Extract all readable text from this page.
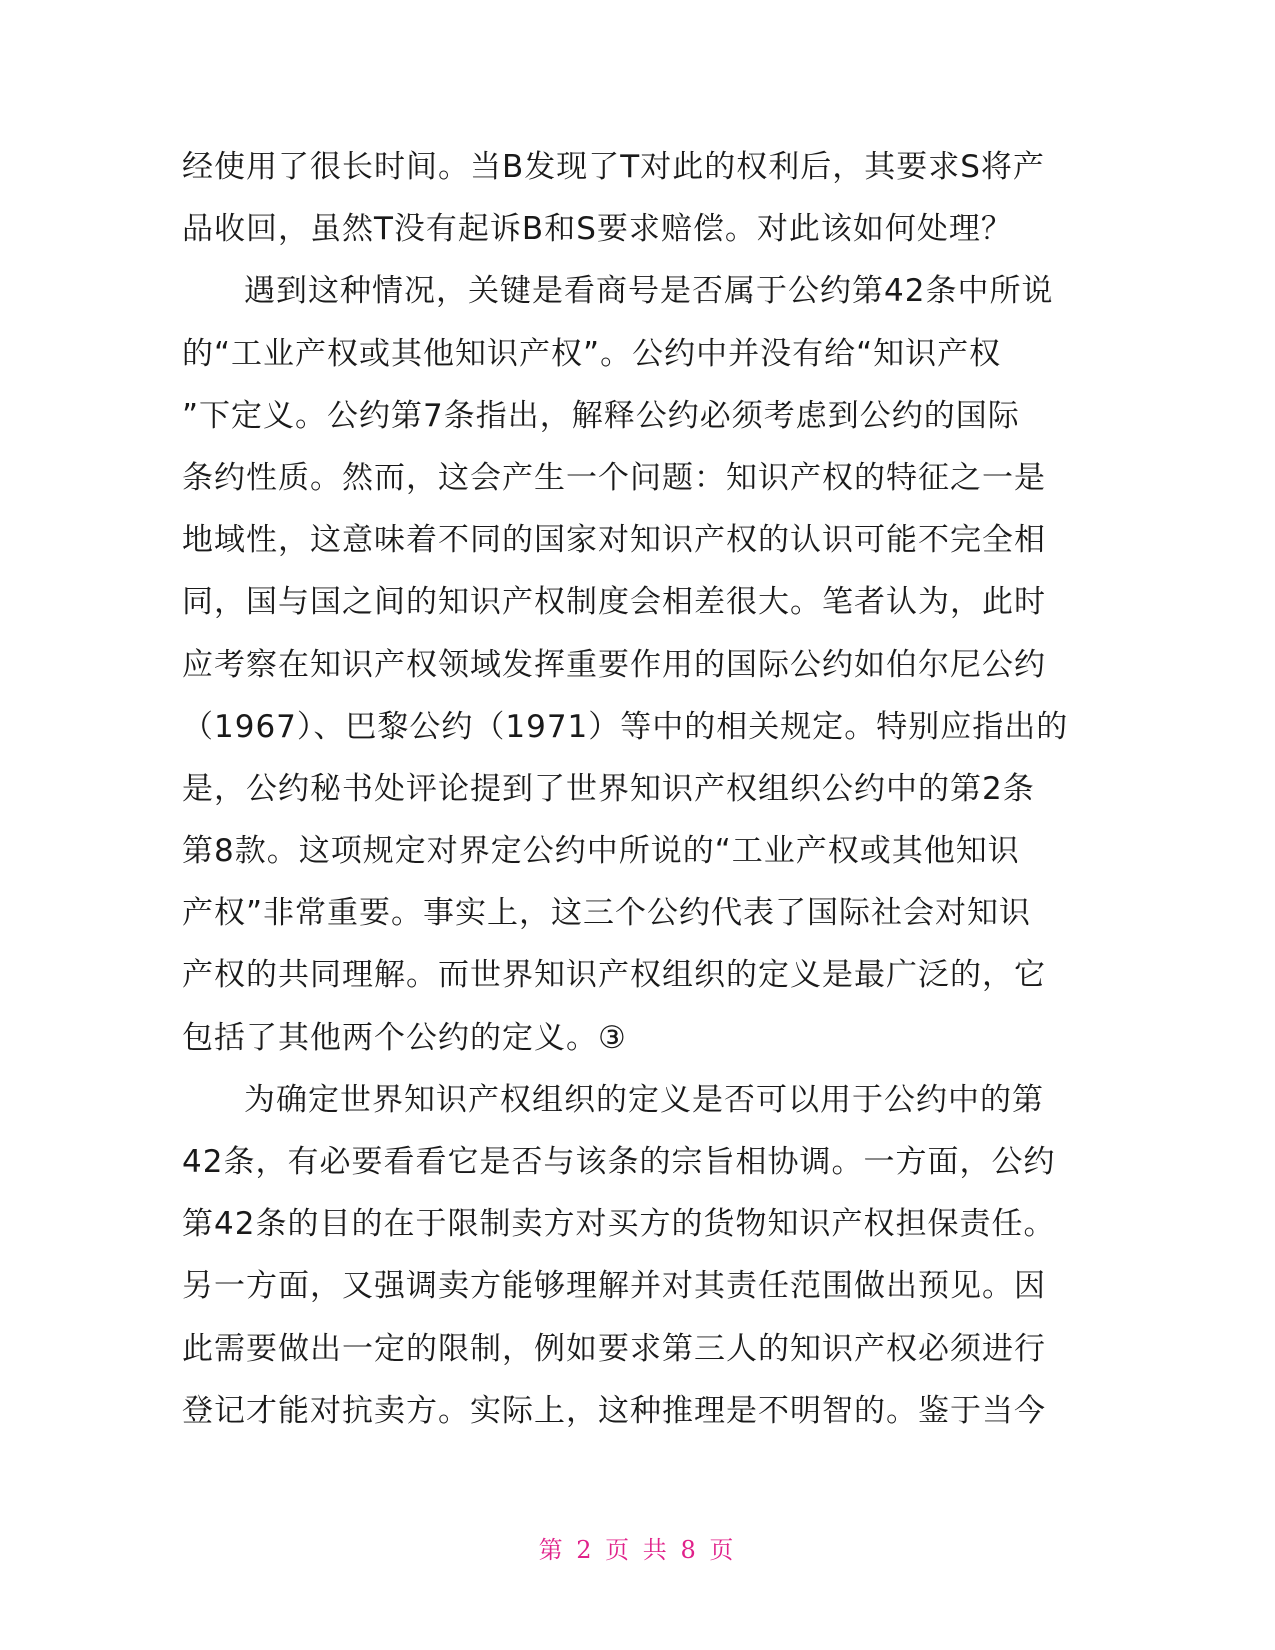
经使用了很长时间。当B发现了T对此的权利后，其要求S将产
品收回，虽然T没有起诉B和S要求赔偿。对此该如何处理？
遇到这种情况，关键是看商号是否属于公约第42条中所说
的“工业产权或其他知识产权”。公约中并没有给“知识产权
”下定义。公约第7条指出，解释公约必须考虑到公约的国际
条约性质。然而，这会产生一个问题：知识产权的特征之一是
地域性，这意味着不同的国家对知识产权的认识可能不完全相
同，国与国之间的知识产权制度会相差很大。笔者认为，此时
应考察在知识产权领域发挥重要作用的国际公约如伯尔尼公约
（1967）、巴黎公约（1971）等中的相关规定。特别应指出的
是，公约秘书处评论提到了世界知识产权组织公约中的第2条
第8款。这项规定对界定公约中所说的“工业产权或其他知识
产权”非常重要。事实上，这三个公约代表了国际社会对知识
产权的共同理解。而世界知识产权组织的定义是最广泛的，它
包括了其他两个公约的定义。③
为确定世界知识产权组织的定义是否可以用于公约中的第
42条，有必要看看它是否与该条的宗旨相协调。一方面，公约
第42条的目的在于限制卖方对买方的货物知识产权担保责任。
另一方面，又强调卖方能够理解并对其责任范围做出预见。因
此需要做出一定的限制，例如要求第三人的知识产权必须进行
登记才能对抗卖方。实际上，这种推理是不明智的。鉴于当今
第 2 页 共 8 页
